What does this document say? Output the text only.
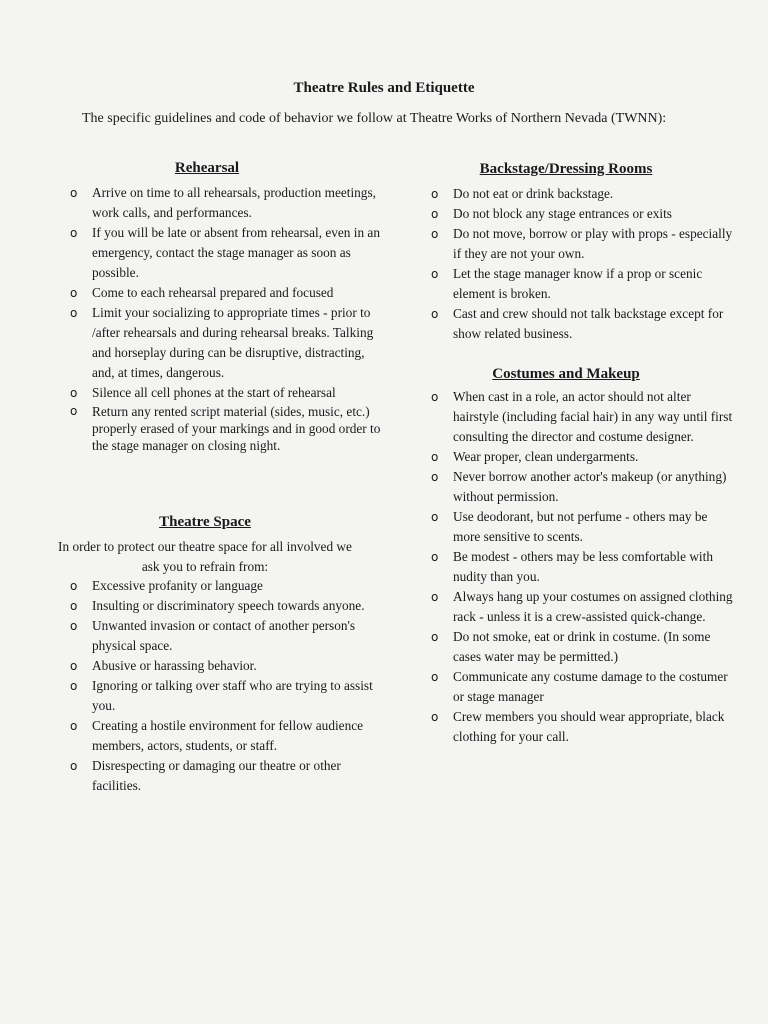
Theatre Rules and Etiquette

The specific guidelines and code of behavior we follow at Theatre Works of Northern Nevada (TWNN):

Rehearsal
o Arrive on time to all rehearsals, production meetings, work calls, and performances.
o If you will be late or absent from rehearsal, even in an emergency, contact the stage manager as soon as possible.
o Come to each rehearsal prepared and focused
o Limit your socializing to appropriate times - prior to /after rehearsals and during rehearsal breaks. Talking and horseplay during can be disruptive, distracting, and, at times, dangerous.
o Silence all cell phones at the start of rehearsal
o Return any rented script material (sides, music, etc.) properly erased of your markings and in good order to the stage manager on closing night.
Theatre Space

In order to protect our theatre space for all involved we ask you to refrain from:

o Excessive profanity or language
o Insulting or discriminatory speech towards anyone.
o Unwanted invasion or contact of another person's physical space.
o Abusive or harassing behavior.
o Ignoring or talking over staff who are trying to assist you.
o Creating a hostile environment for fellow audience members, actors, students, or staff.
o Disrespecting or damaging our theatre or other facilities.
Backstage/Dressing Rooms
o Do not eat or drink backstage.
o Do not block any stage entrances or exits
o Do not move, borrow or play with props - especially if they are not your own.
o Let the stage manager know if a prop or scenic element is broken.
o Cast and crew should not talk backstage except for show related business.
Costumes and Makeup
o When cast in a role, an actor should not alter hairstyle (including facial hair) in any way until first consulting the director and costume designer.
o Wear proper, clean undergarments.
o Never borrow another actor's makeup (or anything) without permission.
o Use deodorant, but not perfume - others may be more sensitive to scents.
o Be modest - others may be less comfortable with nudity than you.
o Always hang up your costumes on assigned clothing rack - unless it is a crew-assisted quick-change.
o Do not smoke, eat or drink in costume. (In some cases water may be permitted.)
o Communicate any costume damage to the costumer or stage manager
o Crew members you should wear appropriate, black clothing for your call.
